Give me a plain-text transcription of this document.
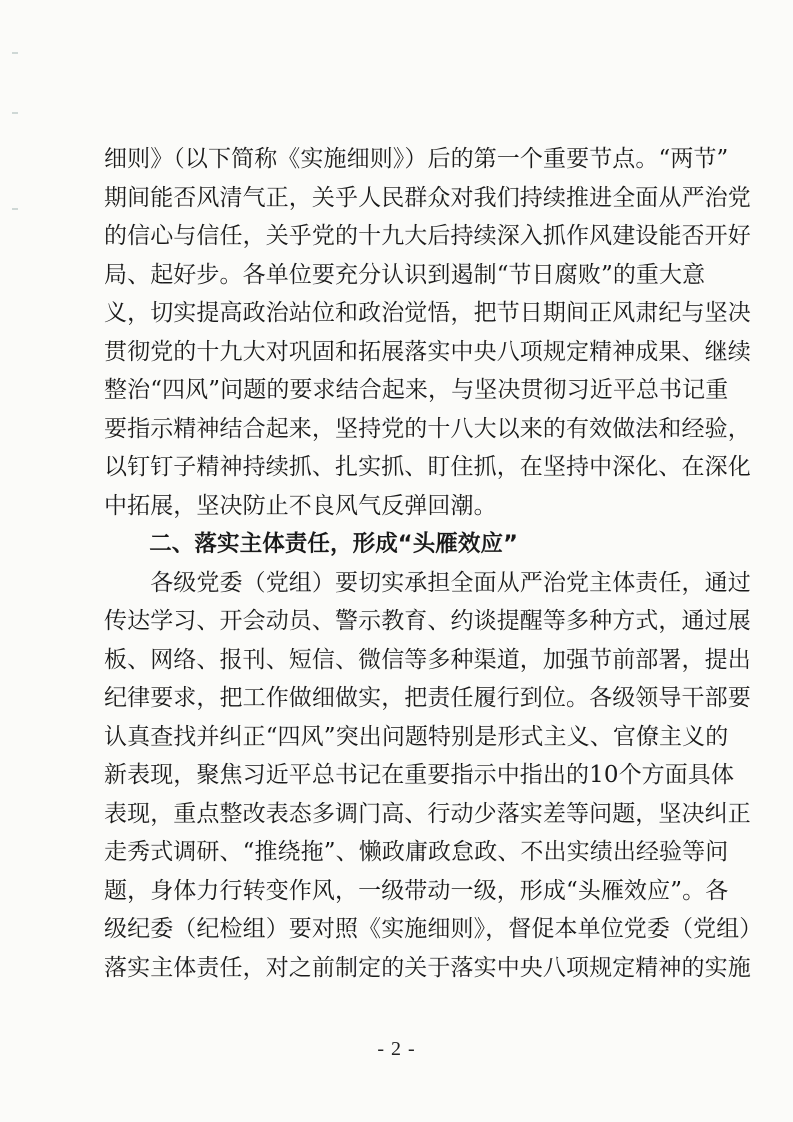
细则》（以下简称《实施细则》）后的第一个重要节点。“两节”
期间能否风清气正，关乎人民群众对我们持续推进全面从严治党
的信心与信任，关乎党的十九大后持续深入抓作风建设能否开好
局、起好步。各单位要充分认识到遏制“节日腐败”的重大意
义，切实提高政治站位和政治觉悟，把节日期间正风肃纪与坚决
贯彻党的十九大对巩固和拓展落实中央八项规定精神成果、继续
整治“四风”问题的要求结合起来，与坚决贯彻习近平总书记重
要指示精神结合起来，坚持党的十八大以来的有效做法和经验，
以钉钉子精神持续抓、扎实抓、盯住抓，在坚持中深化、在深化
中拓展，坚决防止不良风气反弹回潮。
　　二、落实主体责任，形成“头雁效应”
　　各级党委（党组）要切实承担全面从严治党主体责任，通过
传达学习、开会动员、警示教育、约谈提醒等多种方式，通过展
板、网络、报刊、短信、微信等多种渠道，加强节前部署，提出
纪律要求，把工作做细做实，把责任履行到位。各级领导干部要
认真查找并纠正“四风”突出问题特别是形式主义、官僚主义的
新表现，聚焦习近平总书记在重要指示中指出的10个方面具体
表现，重点整改表态多调门高、行动少落实差等问题，坚决纠正
走秀式调研、“推绕拖”、懒政庸政怠政、不出实绩出经验等问
题，身体力行转变作风，一级带动一级，形成“头雁效应”。各
级纪委（纪检组）要对照《实施细则》，督促本单位党委（党组）
落实主体责任，对之前制定的关于落实中央八项规定精神的实施
- 2 -
